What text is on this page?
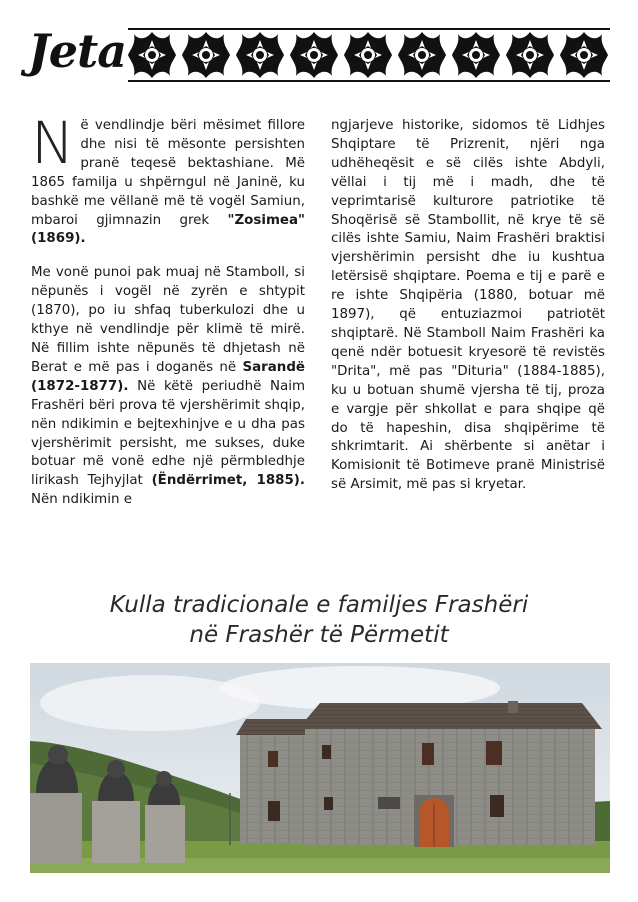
Jeta

Në vendlindje bëri mësimet fillore dhe nisi të mësonte persishten pranë teqesë bektashiane. Më 1865 familja u shpërngul në Janinë, ku bashkë me vëllanë më të vogël Samiun, mbaroi gjimnazin grek "Zosimea" (1869).

Me vonë punoi pak muaj në Stamboll, si nëpunës i vogël në zyrën e shtypit (1870), po iu shfaq tuberkulozi dhe u kthye në vendlindje për klimë të mirë. Në fillim ishte nëpunës të dhjetash në Berat e më pas i doganës në Sarandë (1872-1877). Në këtë periudhë Naim Frashëri bëri prova të vjershërimit shqip, nën ndikimin e bejtexhinjve e u dha pas vjershërimit persisht, me sukses, duke botuar më vonë edhe një përmbledhje lirikash Tejhyjlat (Ëndërrimet, 1885). Nën ndikimin e

ngjarjeve historike, sidomos të Lidhjes Shqiptare të Prizrenit, njëri nga udhëheqësit e së cilës ishte Abdyli, vëllai i tij më i madh, dhe të veprimtarisë kulturore patriotike të Shoqërisë së Stambollit, në krye të së cilës ishte Samiu, Naim Frashëri braktisi vjershërimin persisht dhe iu kushtua letërsisë shqiptare. Poema e tij e parë e re ishte Shqipëria (1880, botuar më 1897), që entuziazmoi patriotët shqiptarë. Në Stamboll Naim Frashëri ka qenë ndër botuesit kryesorë të revistës "Drita", më pas "Dituria" (1884-1885), ku u botuan shumë vjersha të tij, proza e vargje për shkollat e para shqipe që do të hapeshin, disa shqipërime të shkrimtarit. Ai shërbente si anëtar i Komisionit të Botimeve pranë Ministrisë së Arsimit, më pas si kryetar.

Kulla tradicionale e familjes Frashëri
në Frashër të Përmetit
